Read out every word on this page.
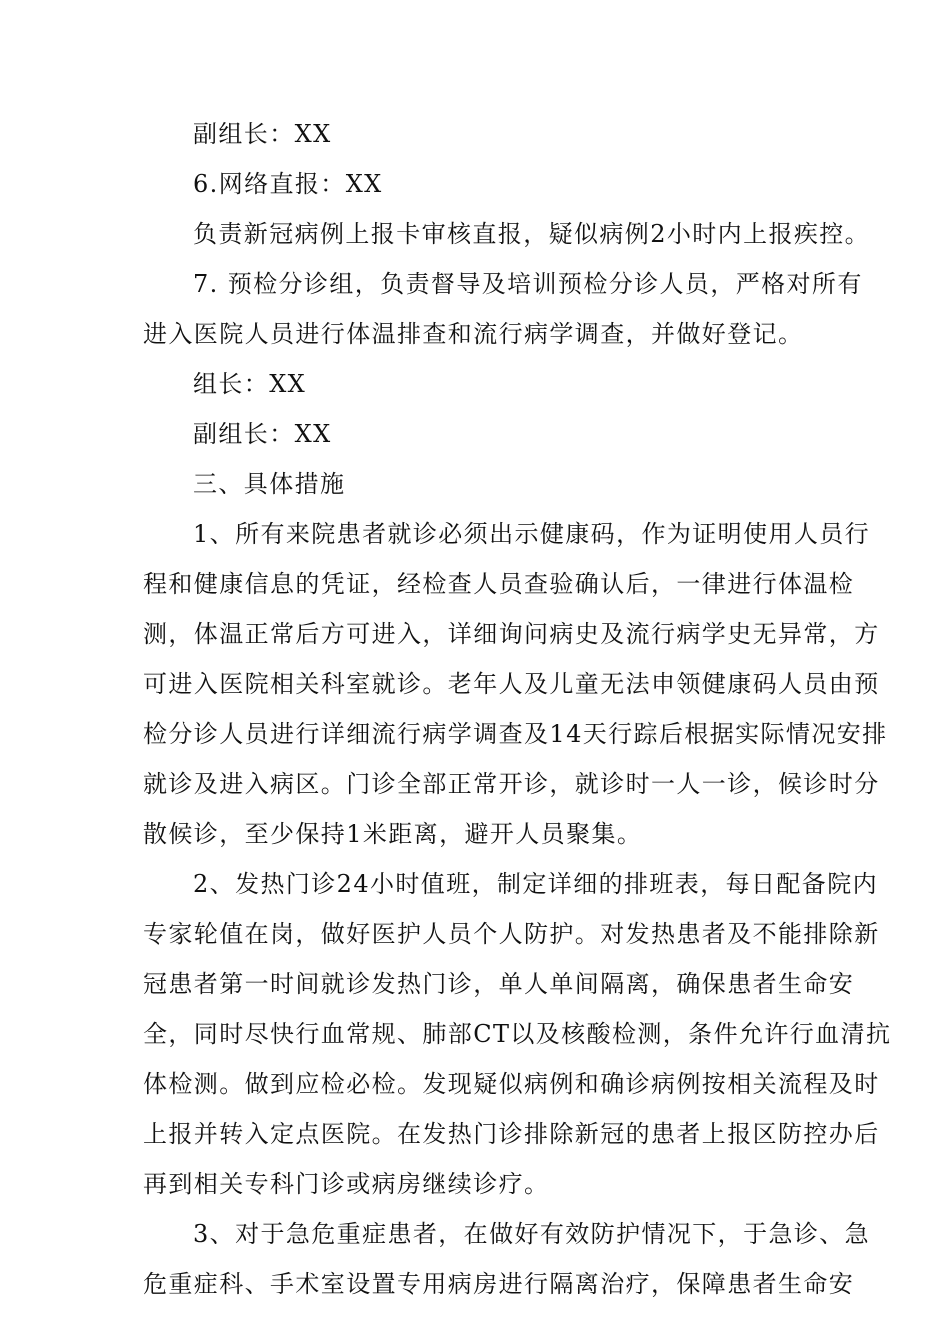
副组长：XX
6.网络直报：XX
负责新冠病例上报卡审核直报，疑似病例2小时内上报疾控。
7. 预检分诊组，负责督导及培训预检分诊人员，严格对所有
进入医院人员进行体温排查和流行病学调查，并做好登记。
组长：XX
副组长：XX
三、具体措施
1、所有来院患者就诊必须出示健康码，作为证明使用人员行
程和健康信息的凭证，经检查人员查验确认后，一律进行体温检
测，体温正常后方可进入，详细询问病史及流行病学史无异常，方
可进入医院相关科室就诊。老年人及儿童无法申领健康码人员由预
检分诊人员进行详细流行病学调查及14天行踪后根据实际情况安排
就诊及进入病区。门诊全部正常开诊，就诊时一人一诊，候诊时分
散候诊，至少保持1米距离，避开人员聚集。
2、发热门诊24小时值班，制定详细的排班表，每日配备院内
专家轮值在岗，做好医护人员个人防护。对发热患者及不能排除新
冠患者第一时间就诊发热门诊，单人单间隔离，确保患者生命安
全，同时尽快行血常规、肺部CT以及核酸检测，条件允许行血清抗
体检测。做到应检必检。发现疑似病例和确诊病例按相关流程及时
上报并转入定点医院。在发热门诊排除新冠的患者上报区防控办后
再到相关专科门诊或病房继续诊疗。
3、对于急危重症患者，在做好有效防护情况下，于急诊、急
危重症科、手术室设置专用病房进行隔离治疗，保障患者生命安
